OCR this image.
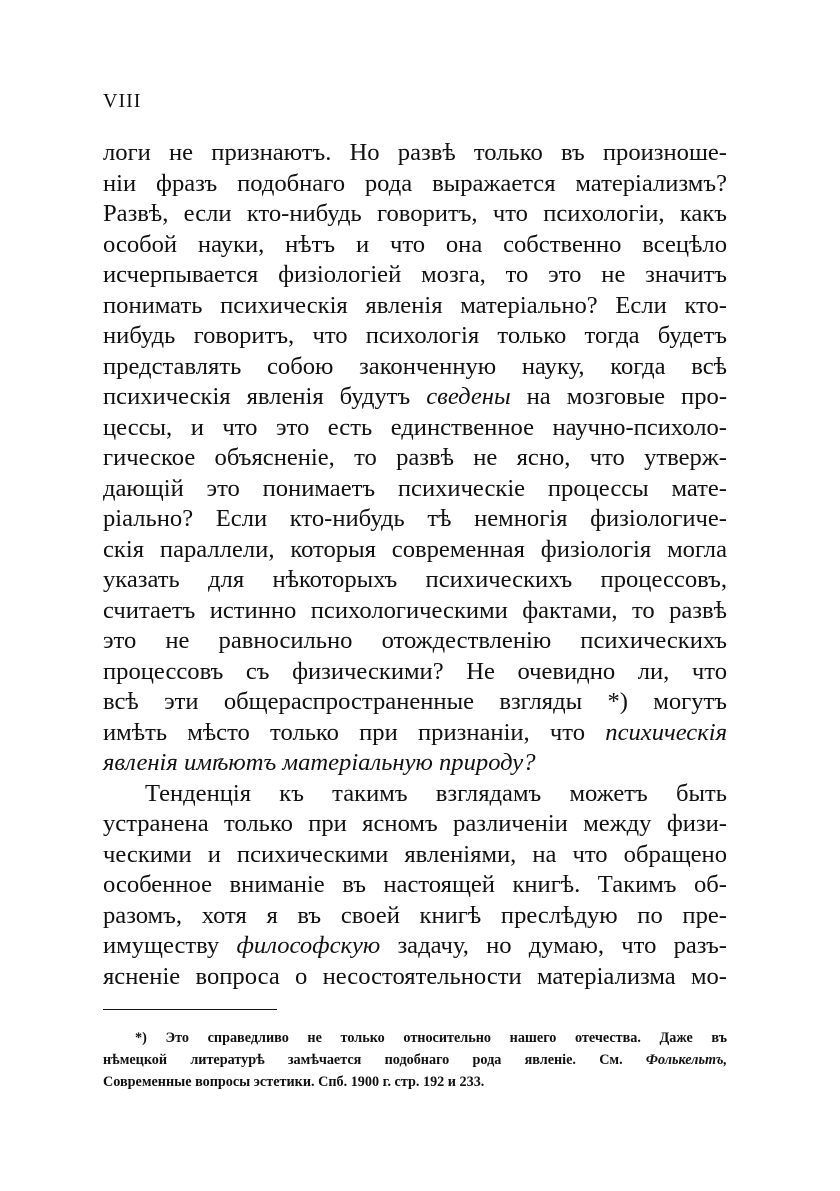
VIII
логи не признаютъ. Но развѣ только въ произноше-
ніи фразъ подобнаго рода выражается матеріализмъ?
Развѣ, если кто-нибудь говоритъ, что психологіи, какъ
особой науки, нѣтъ и что она собственно всецѣло
исчерпывается физіологіей мозга, то это не значитъ
понимать психическія явленія матеріально? Если кто-
нибудь говоритъ, что психологія только тогда будетъ
представлять собою законченную науку, когда всѣ
психическія явленія будутъ сведены на мозговые про-
цессы, и что это есть единственное научно-психоло-
гическое объясненіе, то развѣ не ясно, что утверж-
дающій это понимаетъ психическіе процессы мате-
ріально? Если кто-нибудь тѣ немногія физіологиче-
скія параллели, которыя современная физіологія могла
указать для нѣкоторыхъ психическихъ процессовъ,
считаетъ истинно психологическими фактами, то развѣ
это не равносильно отождествленію психическихъ
процессовъ съ физическими? Не очевидно ли, что
всѣ эти общераспространенные взгляды *) могутъ
имѣть мѣсто только при признаніи, что психическія
явленія имѣютъ матеріальную природу?
Тенденція къ такимъ взглядамъ можетъ быть
устранена только при ясномъ различеніи между физи-
ческими и психическими явленіями, на что обращено
особенное вниманіе въ настоящей книгѣ. Такимъ об-
разомъ, хотя я въ своей книгѣ преслѣдую по пре-
имуществу философскую задачу, но думаю, что разъ-
ясненіе вопроса о несостоятельности матеріализма мо-
*) Это справедливо не только относительно нашего отечества. Даже въ
нѣмецкой литературѣ замѣчается подобнаго рода явленіе. См. Фолькельтъ,
Современные вопросы эстетики. Спб. 1900 г. стр. 192 и 233.
